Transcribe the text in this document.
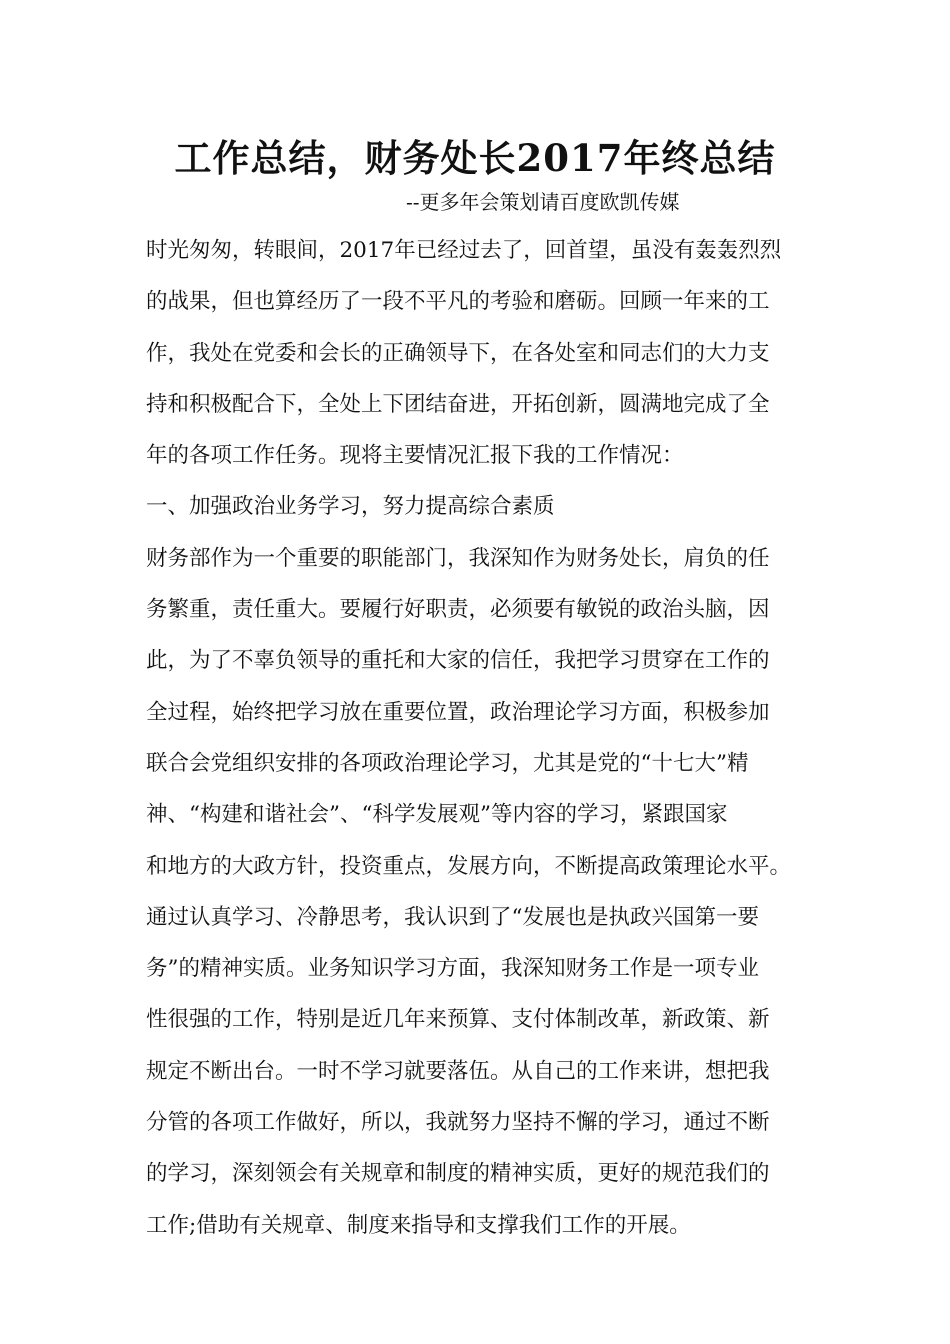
工作总结，财务处长2017年终总结
--更多年会策划请百度欧凯传媒
时光匆匆，转眼间，2017年已经过去了，回首望，虽没有轰轰烈烈
的战果，但也算经历了一段不平凡的考验和磨砺。回顾一年来的工
作，我处在党委和会长的正确领导下，在各处室和同志们的大力支
持和积极配合下，全处上下团结奋进，开拓创新，圆满地完成了全
年的各项工作任务。现将主要情况汇报下我的工作情况：
一、加强政治业务学习，努力提高综合素质
财务部作为一个重要的职能部门，我深知作为财务处长，肩负的任
务繁重，责任重大。要履行好职责，必须要有敏锐的政治头脑，因
此，为了不辜负领导的重托和大家的信任，我把学习贯穿在工作的
全过程，始终把学习放在重要位置，政治理论学习方面，积极参加
联合会党组织安排的各项政治理论学习，尤其是党的“十七大”精
神、“构建和谐社会”、“科学发展观”等内容的学习，紧跟国家
和地方的大政方针，投资重点，发展方向，不断提高政策理论水平。
通过认真学习、冷静思考，我认识到了“发展也是执政兴国第一要
务”的精神实质。业务知识学习方面，我深知财务工作是一项专业
性很强的工作，特别是近几年来预算、支付体制改革，新政策、新
规定不断出台。一时不学习就要落伍。从自己的工作来讲，想把我
分管的各项工作做好，所以，我就努力坚持不懈的学习，通过不断
的学习，深刻领会有关规章和制度的精神实质，更好的规范我们的
工作;借助有关规章、制度来指导和支撑我们工作的开展。
